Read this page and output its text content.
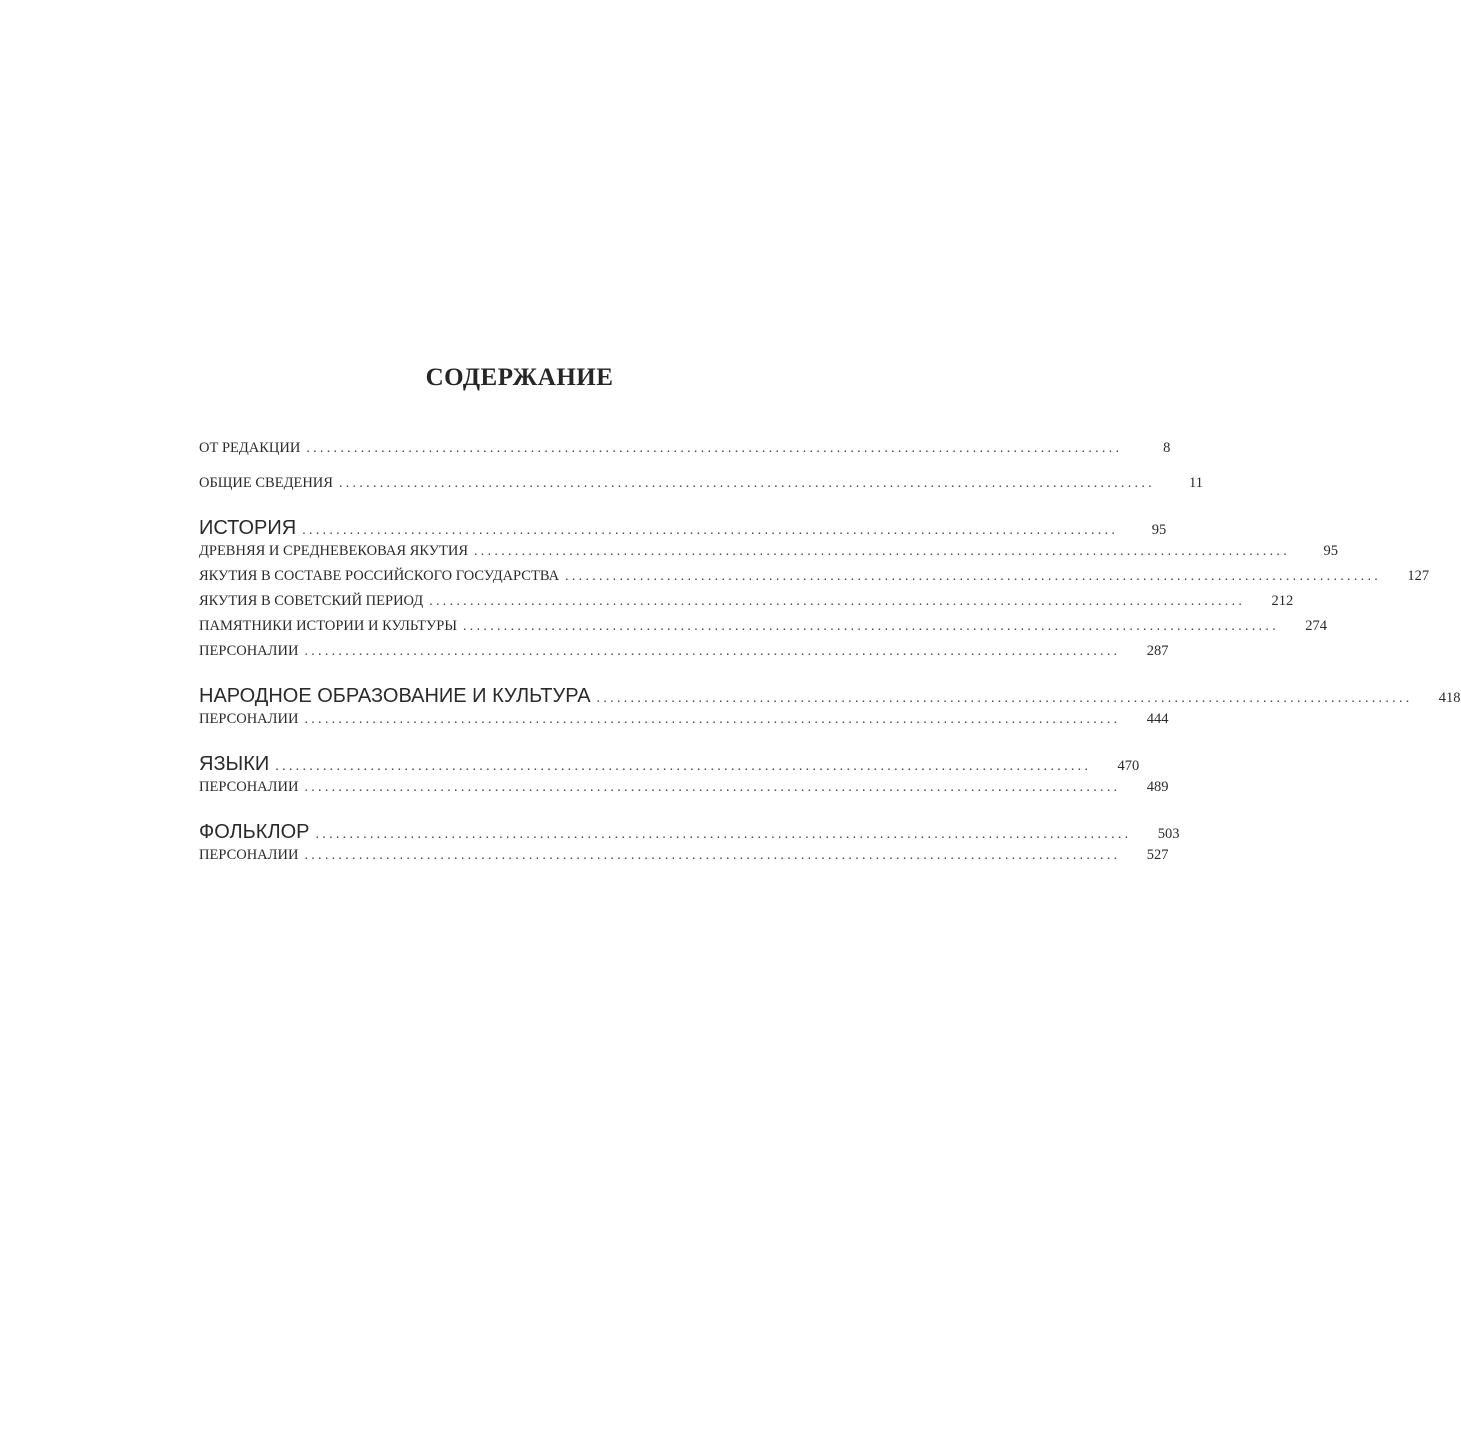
СОДЕРЖАНИЕ
ОТ РЕДАКЦИИ ........................................................................................................................	8
ОБЩИЕ СВЕДЕНИЯ ........................................................................................................................	11
ИСТОРИЯ ........................................................................................................................	95
ДРЕВНЯЯ И СРЕДНЕВЕКОВАЯ ЯКУТИЯ ........................................................................................................................	95
ЯКУТИЯ В СОСТАВЕ РОССИЙСКОГО ГОСУДАРСТВА ........................................................................................................................	127
ЯКУТИЯ В СОВЕТСКИЙ ПЕРИОД ........................................................................................................................	212
ПАМЯТНИКИ ИСТОРИИ И КУЛЬТУРЫ ........................................................................................................................	274
ПЕРСОНАЛИИ ........................................................................................................................	287
НАРОДНОЕ ОБРАЗОВАНИЕ И КУЛЬТУРА ........................................................................................................................	418
ПЕРСОНАЛИИ ........................................................................................................................	444
ЯЗЫКИ ........................................................................................................................	470
ПЕРСОНАЛИИ ........................................................................................................................	489
ФОЛЬКЛОР ........................................................................................................................	503
ПЕРСОНАЛИИ ........................................................................................................................	527
